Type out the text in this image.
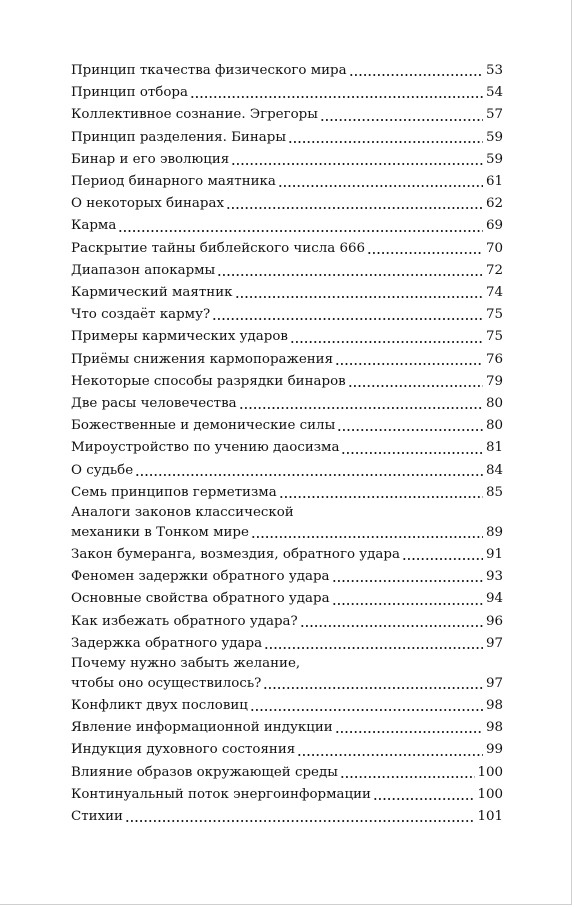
Принцип ткачества физического мира	53
Принцип отбора	54
Коллективное сознание. Эгрегоры	57
Принцип разделения. Бинары	59
Бинар и его эволюция	59
Период бинарного маятника	61
О некоторых бинарах	62
Карма	69
Раскрытие тайны библейского числа 666	70
Диапазон апокармы	72
Кармический маятник	74
Что создаёт карму?	75
Примеры кармических ударов	75
Приёмы снижения кармопоражения	76
Некоторые способы разрядки бинаров	79
Две расы человечества	80
Божественные и демонические силы	80
Мироустройство по учению даосизма	81
О судьбе	84
Семь принципов герметизма	85
Аналоги законов классической
механики в Тонком мире	89
Закон бумеранга, возмездия, обратного удара	91
Феномен задержки обратного удара	93
Основные свойства обратного удара	94
Как избежать обратного удара?	96
Задержка обратного удара	97
Почему нужно забыть желание,
чтобы оно осуществилось?	97
Конфликт двух пословиц	98
Явление информационной индукции	98
Индукция духовного состояния	99
Влияние образов окружающей среды	100
Континуальный поток энергоинформации	100
Стихии	101
